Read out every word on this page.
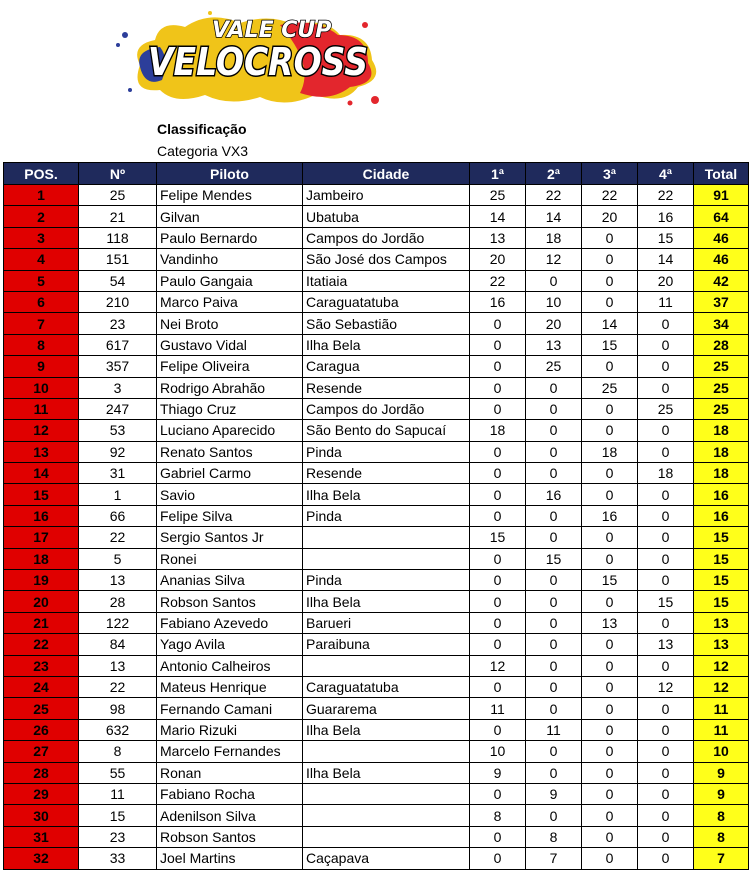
VALE CUP
VELOCROSS
Classificação
Categoria VX3
POS.	Nº	Piloto	Cidade	1ª	2ª	3ª	4ª	Total
1	25	Felipe Mendes	Jambeiro	25	22	22	22	91
2	21	Gilvan	Ubatuba	14	14	20	16	64
3	118	Paulo Bernardo	Campos do Jordão	13	18	0	15	46
4	151	Vandinho	São José dos Campos	20	12	0	14	46
5	54	Paulo Gangaia	Itatiaia	22	0	0	20	42
6	210	Marco Paiva	Caraguatatuba	16	10	0	11	37
7	23	Nei Broto	São Sebastião	0	20	14	0	34
8	617	Gustavo Vidal	Ilha Bela	0	13	15	0	28
9	357	Felipe Oliveira	Caragua	0	25	0	0	25
10	3	Rodrigo Abrahão	Resende	0	0	25	0	25
11	247	Thiago Cruz	Campos do Jordão	0	0	0	25	25
12	53	Luciano Aparecido	São Bento do Sapucaí	18	0	0	0	18
13	92	Renato Santos	Pinda	0	0	18	0	18
14	31	Gabriel Carmo	Resende	0	0	0	18	18
15	1	Savio	Ilha Bela	0	16	0	0	16
16	66	Felipe Silva	Pinda	0	0	16	0	16
17	22	Sergio Santos Jr		15	0	0	0	15
18	5	Ronei		0	15	0	0	15
19	13	Ananias Silva	Pinda	0	0	15	0	15
20	28	Robson Santos	Ilha Bela	0	0	0	15	15
21	122	Fabiano Azevedo	Barueri	0	0	13	0	13
22	84	Yago Avila	Paraibuna	0	0	0	13	13
23	13	Antonio Calheiros		12	0	0	0	12
24	22	Mateus Henrique	Caraguatatuba	0	0	0	12	12
25	98	Fernando Camani	Guararema	11	0	0	0	11
26	632	Mario Rizuki	Ilha Bela	0	11	0	0	11
27	8	Marcelo Fernandes		10	0	0	0	10
28	55	Ronan	Ilha Bela	9	0	0	0	9
29	11	Fabiano Rocha		0	9	0	0	9
30	15	Adenilson Silva		8	0	0	0	8
31	23	Robson Santos		0	8	0	0	8
32	33	Joel Martins	Caçapava	0	7	0	0	7
